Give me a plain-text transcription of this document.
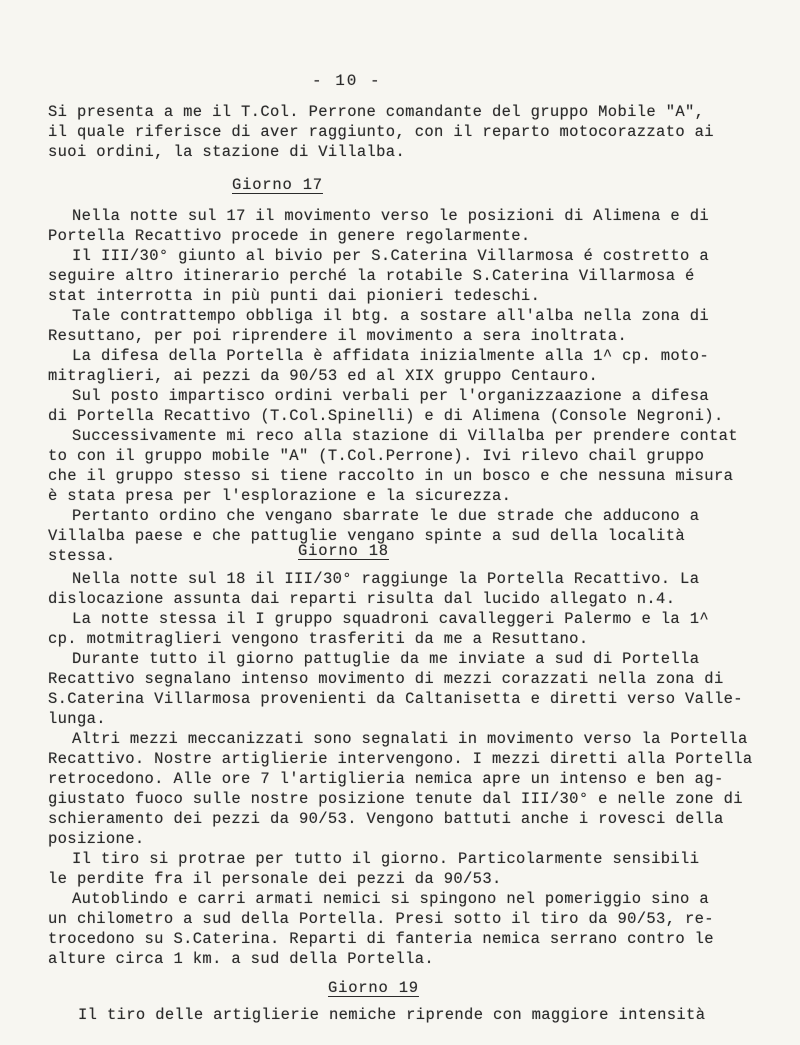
- 10 -
Si presenta a me il T.Col. Perrone comandante del gruppo Mobile "A",
il quale riferisce di aver raggiunto, con il reparto motocorazzato ai
suoi ordini, la stazione di Villalba.
Giorno 17
Nella notte sul 17 il movimento verso le posizioni di Alimena e di
Portella Recattivo procede in genere regolarmente.
Il III/30° giunto al bivio per S.Caterina Villarmosa é costretto a
seguire altro itinerario perché la rotabile S.Caterina Villarmosa é
stat interrotta in più punti dai pionieri tedeschi.
Tale contrattempo obbliga il btg. a sostare all'alba nella zona di
Resuttano, per poi riprendere il movimento a sera inoltrata.
La difesa della Portella è affidata inizialmente alla 1^ cp. moto-
mitraglieri, ai pezzi da 90/53 ed al XIX gruppo Centauro.
Sul posto impartisco ordini verbali per l'organizzaazione a difesa
di Portella Recattivo (T.Col.Spinelli) e di Alimena (Console Negroni).
Successivamente mi reco alla stazione di Villalba per prendere contat
to con il gruppo mobile "A" (T.Col.Perrone). Ivi rilevo chail gruppo
che il gruppo stesso si tiene raccolto in un bosco e che nessuna misura
è stata presa per l'esplorazione e la sicurezza.
Pertanto ordino che vengano sbarrate le due strade che adducono a
Villalba paese e che pattuglie vengano spinte a sud della località
stessa.	Giorno 18
Nella notte sul 18 il III/30° raggiunge la Portella Recattivo. La
dislocazione assunta dai reparti risulta dal lucido allegato n.4.
La notte stessa il I gruppo squadroni cavalleggeri Palermo e la 1^
cp. motmitraglieri vengono trasferiti da me a Resuttano.
Durante tutto il giorno pattuglie da me inviate a sud di Portella
Recattivo segnalano intenso movimento di mezzi corazzati nella zona di
S.Caterina Villarmosa provenienti da Caltanisetta e diretti verso Valle-
lunga.
Altri mezzi meccanizzati sono segnalati in movimento verso la Portella
Recattivo. Nostre artiglierie intervengono. I mezzi diretti alla Portella
retrocedono. Alle ore 7 l'artiglieria nemica apre un intenso e ben ag-
giustato fuoco sulle nostre posizione tenute dal III/30° e nelle zone di
schieramento dei pezzi da 90/53. Vengono battuti anche i rovesci della
posizione.
Il tiro si protrae per tutto il giorno. Particolarmente sensibili
le perdite fra il personale dei pezzi da 90/53.
Autoblindo e carri armati nemici si spingono nel pomeriggio sino a
un chilometro a sud della Portella. Presi sotto il tiro da 90/53, re-
trocedono su S.Caterina. Reparti di fanteria nemica serrano contro le
alture circa 1 km. a sud della Portella.
Giorno 19
Il tiro delle artiglierie nemiche riprende con maggiore intensità
